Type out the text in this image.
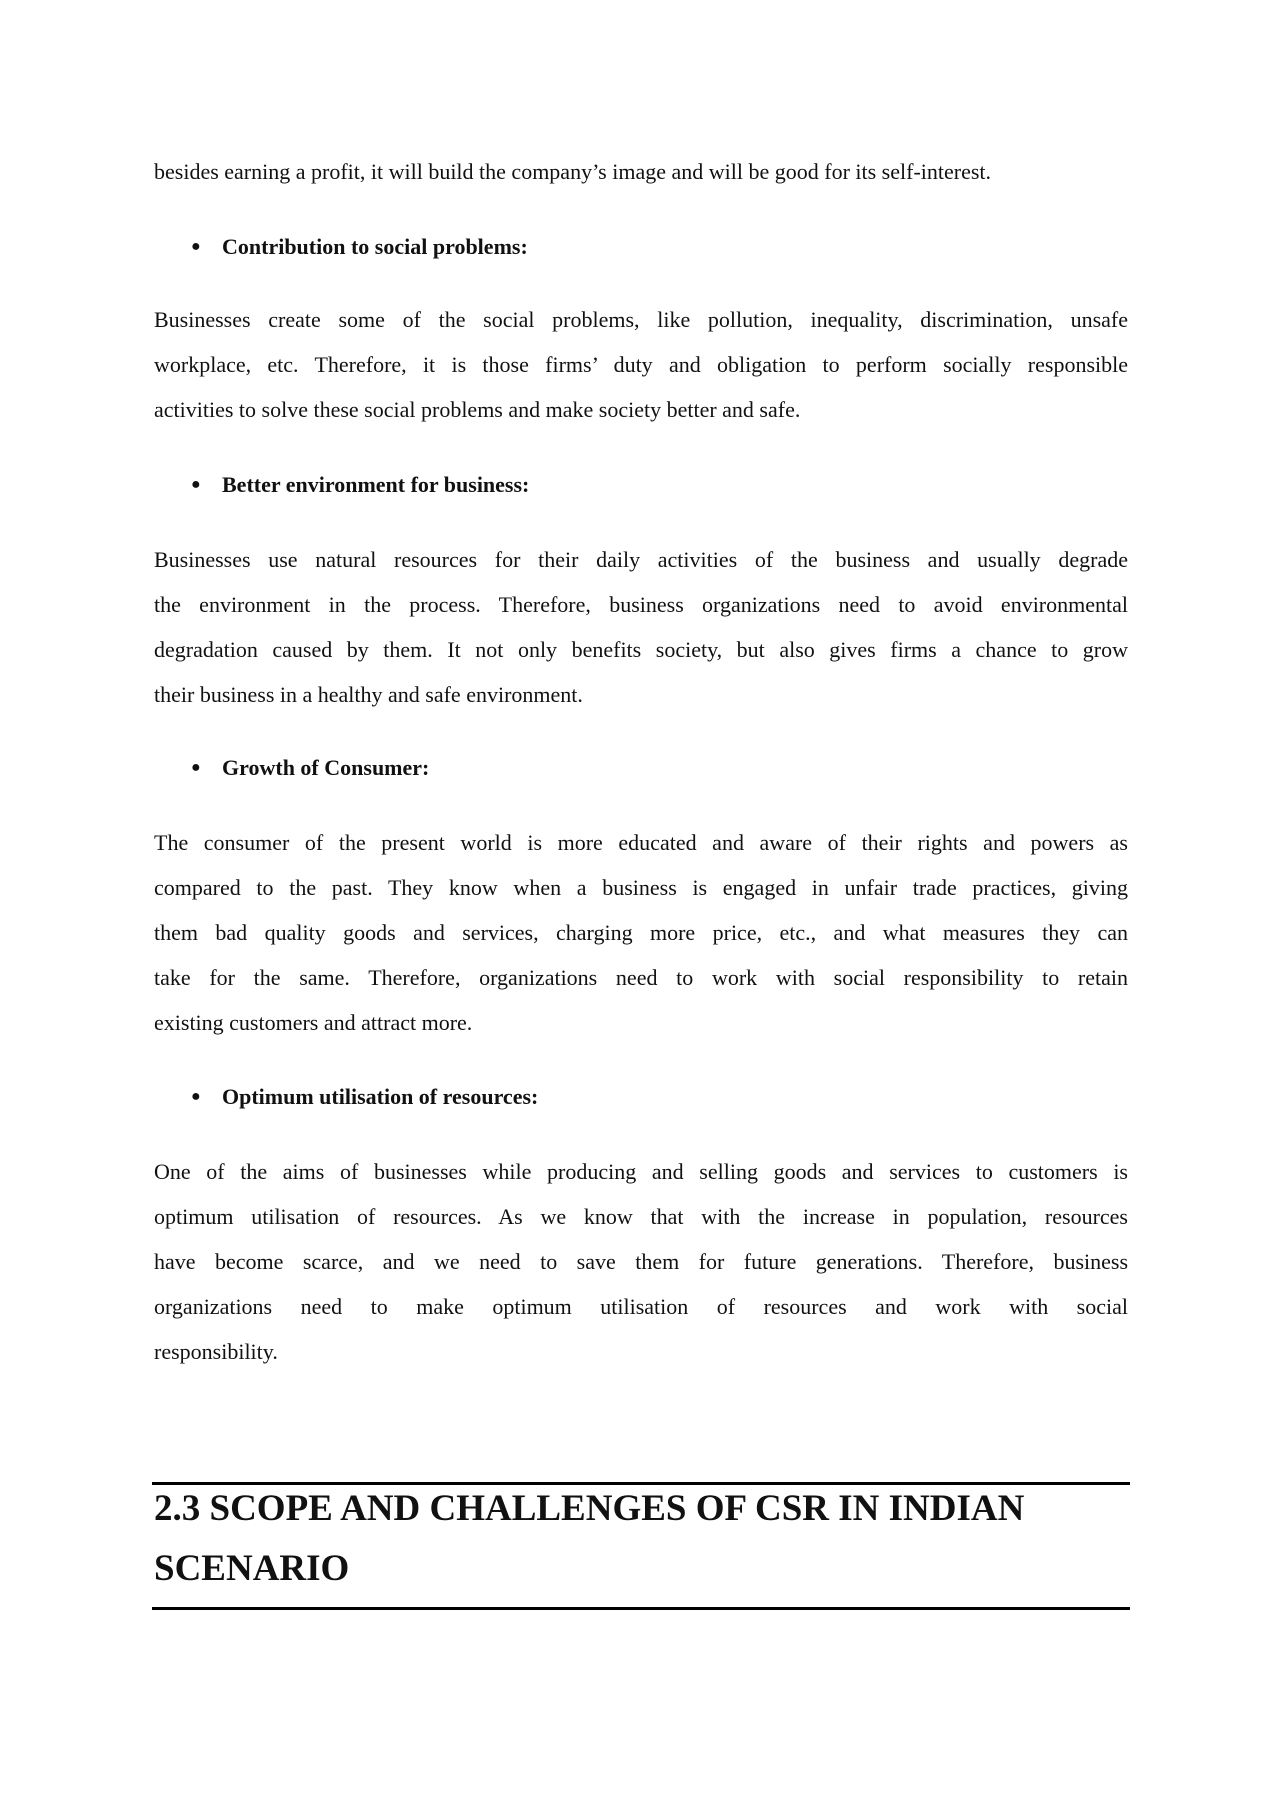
besides earning a profit, it will build the company’s image and will be good for its self-interest.
● Contribution to social problems:
Businesses create some of the social problems, like pollution, inequality, discrimination, unsafe
workplace, etc. Therefore, it is those firms’ duty and obligation to perform socially responsible
activities to solve these social problems and make society better and safe.
● Better environment for business:
Businesses use natural resources for their daily activities of the business and usually degrade
the environment in the process. Therefore, business organizations need to avoid environmental
degradation caused by them. It not only benefits society, but also gives firms a chance to grow
their business in a healthy and safe environment.
● Growth of Consumer:
The consumer of the present world is more educated and aware of their rights and powers as
compared to the past. They know when a business is engaged in unfair trade practices, giving
them bad quality goods and services, charging more price, etc., and what measures they can
take for the same. Therefore, organizations need to work with social responsibility to retain
existing customers and attract more.
● Optimum utilisation of resources:
One of the aims of businesses while producing and selling goods and services to customers is
optimum utilisation of resources. As we know that with the increase in population, resources
have become scarce, and we need to save them for future generations. Therefore, business
organizations need to make optimum utilisation of resources and work with social
responsibility.
2.3 SCOPE AND CHALLENGES OF CSR IN INDIAN
SCENARIO
